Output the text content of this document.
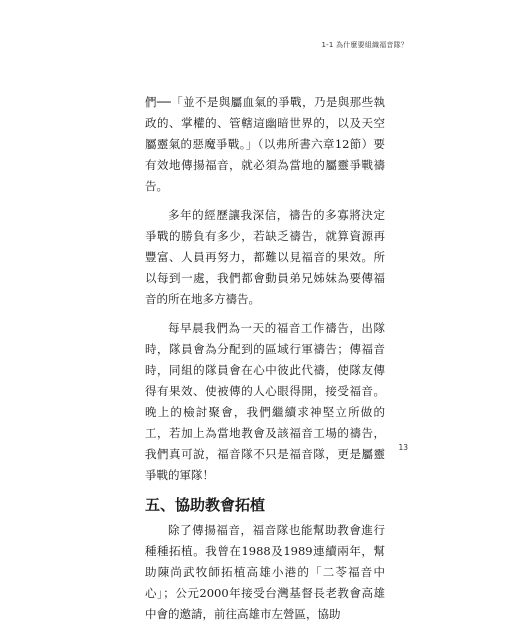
1-1 為什麼要組織福音隊？

們──「並不是與屬血氣的爭戰，乃是與那些執政的、掌權的、管轄這幽暗世界的，以及天空屬靈氣的惡魔爭戰。」（以弗所書六章12節）要有效地傳揚福音，就必須為當地的屬靈爭戰禱告。

多年的經歷讓我深信，禱告的多寡將決定爭戰的勝負有多少，若缺乏禱告，就算資源再豐富、人員再努力，都難以見福音的果效。所以每到一處，我們都會動員弟兄姊妹為要傳福音的所在地多方禱告。

每早晨我們為一天的福音工作禱告，出隊時，隊員會為分配到的區域行軍禱告；傳福音時，同組的隊員會在心中彼此代禱，使隊友傳得有果效、使被傳的人心眼得開，接受福音。晚上的檢討聚會，我們繼續求神堅立所做的工，若加上為當地教會及該福音工場的禱告，我們真可說，福音隊不只是福音隊，更是屬靈爭戰的軍隊！

五、協助教會拓植

除了傳揚福音，福音隊也能幫助教會進行種種拓植。我曾在1988及1989連續兩年，幫助陳尚武牧師拓植高雄小港的「二苓福音中心」；公元2000年接受台灣基督長老教會高雄中會的邀請，前往高雄市左營區，協助

13
